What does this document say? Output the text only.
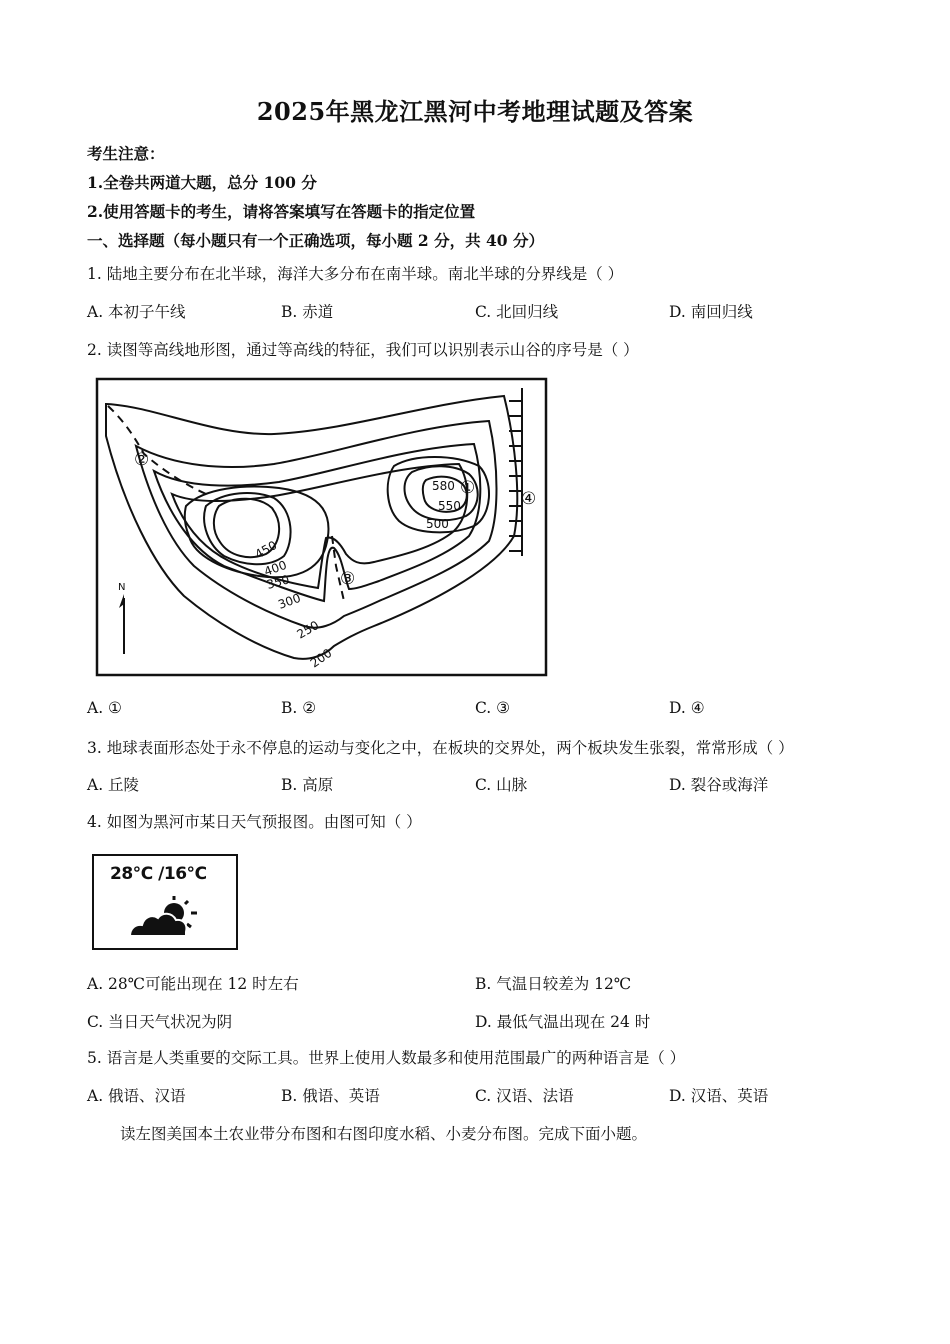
2025年黑龙江黑河中考地理试题及答案
考生注意：
1.全卷共两道大题，总分 100 分
2.使用答题卡的考生，请将答案填写在答题卡的指定位置
一、选择题（每小题只有一个正确选项，每小题 2 分，共 40 分）
1. 陆地主要分布在北半球，海洋大多分布在南半球。南北半球的分界线是（ ）
A. 本初子午线	B. 赤道	C. 北回归线	D. 南回归线
2. 读图等高线地形图，通过等高线的特征，我们可以识别表示山谷的序号是（ ）
580
550
500
450
400
350
300
250
200
①
②
③
④
N
A. ①	B. ②	C. ③	D. ④
3. 地球表面形态处于永不停息的运动与变化之中，在板块的交界处，两个板块发生张裂，常常形成（ ）
A. 丘陵	B. 高原	C. 山脉	D. 裂谷或海洋
4. 如图为黑河市某日天气预报图。由图可知（ ）
28℃ /16℃
A. 28℃可能出现在 12 时左右	B. 气温日较差为 12℃
C. 当日天气状况为阴	D. 最低气温出现在 24 时
5. 语言是人类重要的交际工具。世界上使用人数最多和使用范围最广的两种语言是（ ）
A. 俄语、汉语	B. 俄语、英语	C. 汉语、法语	D. 汉语、英语
读左图美国本土农业带分布图和右图印度水稻、小麦分布图。完成下面小题。
